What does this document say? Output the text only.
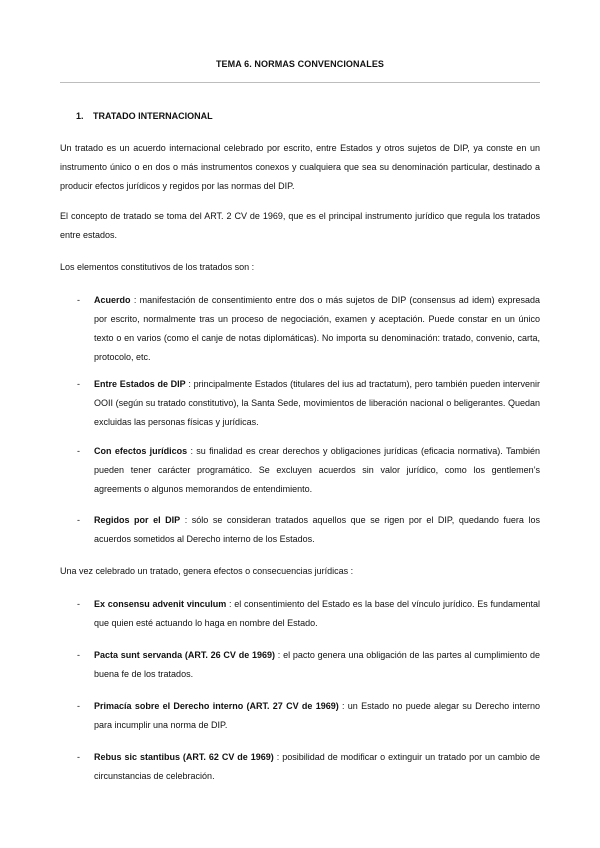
TEMA 6. NORMAS CONVENCIONALES
1. TRATADO INTERNACIONAL

Un tratado es un acuerdo internacional celebrado por escrito, entre Estados y otros sujetos de DIP, ya conste en un instrumento único o en dos o más instrumentos conexos y cualquiera que sea su denominación particular, destinado a producir efectos jurídicos y regidos por las normas del DIP.

El concepto de tratado se toma del ART. 2 CV de 1969, que es el principal instrumento jurídico que regula los tratados entre estados.

Los elementos constitutivos de los tratados son :

- Acuerdo : manifestación de consentimiento entre dos o más sujetos de DIP (consensus ad idem) expresada por escrito, normalmente tras un proceso de negociación, examen y aceptación. Puede constar en un único texto o en varios (como el canje de notas diplomáticas). No importa su denominación: tratado, convenio, carta, protocolo, etc.
- Entre Estados de DIP : principalmente Estados (titulares del ius ad tractatum), pero también pueden intervenir OOII (según su tratado constitutivo), la Santa Sede, movimientos de liberación nacional o beligerantes. Quedan excluidas las personas físicas y jurídicas.
- Con efectos jurídicos : su finalidad es crear derechos y obligaciones jurídicas (eficacia normativa). También pueden tener carácter programático. Se excluyen acuerdos sin valor jurídico, como los gentlemen’s agreements o algunos memorandos de entendimiento.
- Regidos por el DIP : sólo se consideran tratados aquellos que se rigen por el DIP, quedando fuera los acuerdos sometidos al Derecho interno de los Estados.

Una vez celebrado un tratado, genera efectos o consecuencias jurídicas :

- Ex consensu advenit vinculum : el consentimiento del Estado es la base del vínculo jurídico. Es fundamental que quien esté actuando lo haga en nombre del Estado.
- Pacta sunt servanda (ART. 26 CV de 1969) : el pacto genera una obligación de las partes al cumplimiento de buena fe de los tratados.
- Primacía sobre el Derecho interno (ART. 27 CV de 1969) : un Estado no puede alegar su Derecho interno para incumplir una norma de DIP.
- Rebus sic stantibus (ART. 62 CV de 1969) : posibilidad de modificar o extinguir un tratado por un cambio de circunstancias de celebración.
